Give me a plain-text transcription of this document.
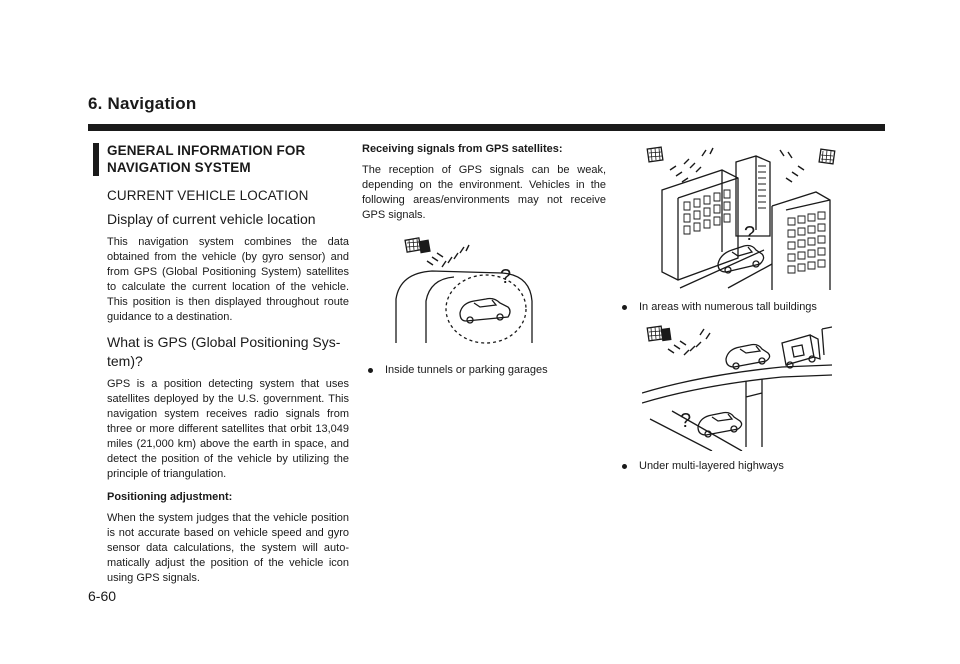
6. Navigation
GENERAL INFORMATION FOR NAVIGATION SYSTEM
CURRENT VEHICLE LOCATION
Display of current vehicle location

This navigation system combines the data obtained from the vehicle (by gyro sensor) and from GPS (Global Positioning System) satellites to calculate the current location of the vehicle. This position is then displayed throughout route guidance to a destination.

What is GPS (Global Positioning Sys-tem)?

GPS is a position detecting system that uses satellites deployed by the U.S. government. This navigation system receives radio signals from three or more different satellites that orbit 13,049 miles (21,000 km) above the earth in space, and detect the position of the vehicle by utilizing the principle of triangulation.

Positioning adjustment:

When the system judges that the vehicle position is not accurate based on vehicle speed and gyro sensor data calculations, the system will auto-matically adjust the position of the vehicle icon using GPS signals.

Receiving signals from GPS satellites:

The reception of GPS signals can be weak, depending on the environment. Vehicles in the following areas/environments may not receive GPS signals.

?
Inside tunnels or parking garages
?
In areas with numerous tall buildings
?
Under multi-layered highways
6-60
